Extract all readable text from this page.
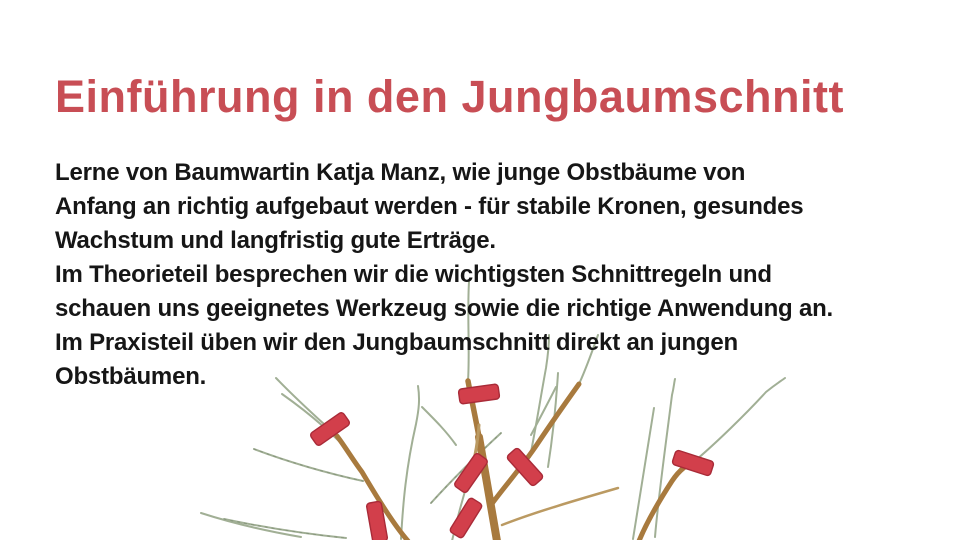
Einführung in den Jungbaumschnitt
Lerne von Baumwartin Katja Manz, wie junge Obstbäume von
Anfang an richtig aufgebaut werden - für stabile Kronen, gesundes
Wachstum und langfristig gute Erträge.
Im Theorieteil besprechen wir die wichtigsten Schnittregeln und
schauen uns geeignetes Werkzeug sowie die richtige Anwendung an.
Im Praxisteil üben wir den Jungbaumschnitt direkt an jungen
Obstbäumen.
